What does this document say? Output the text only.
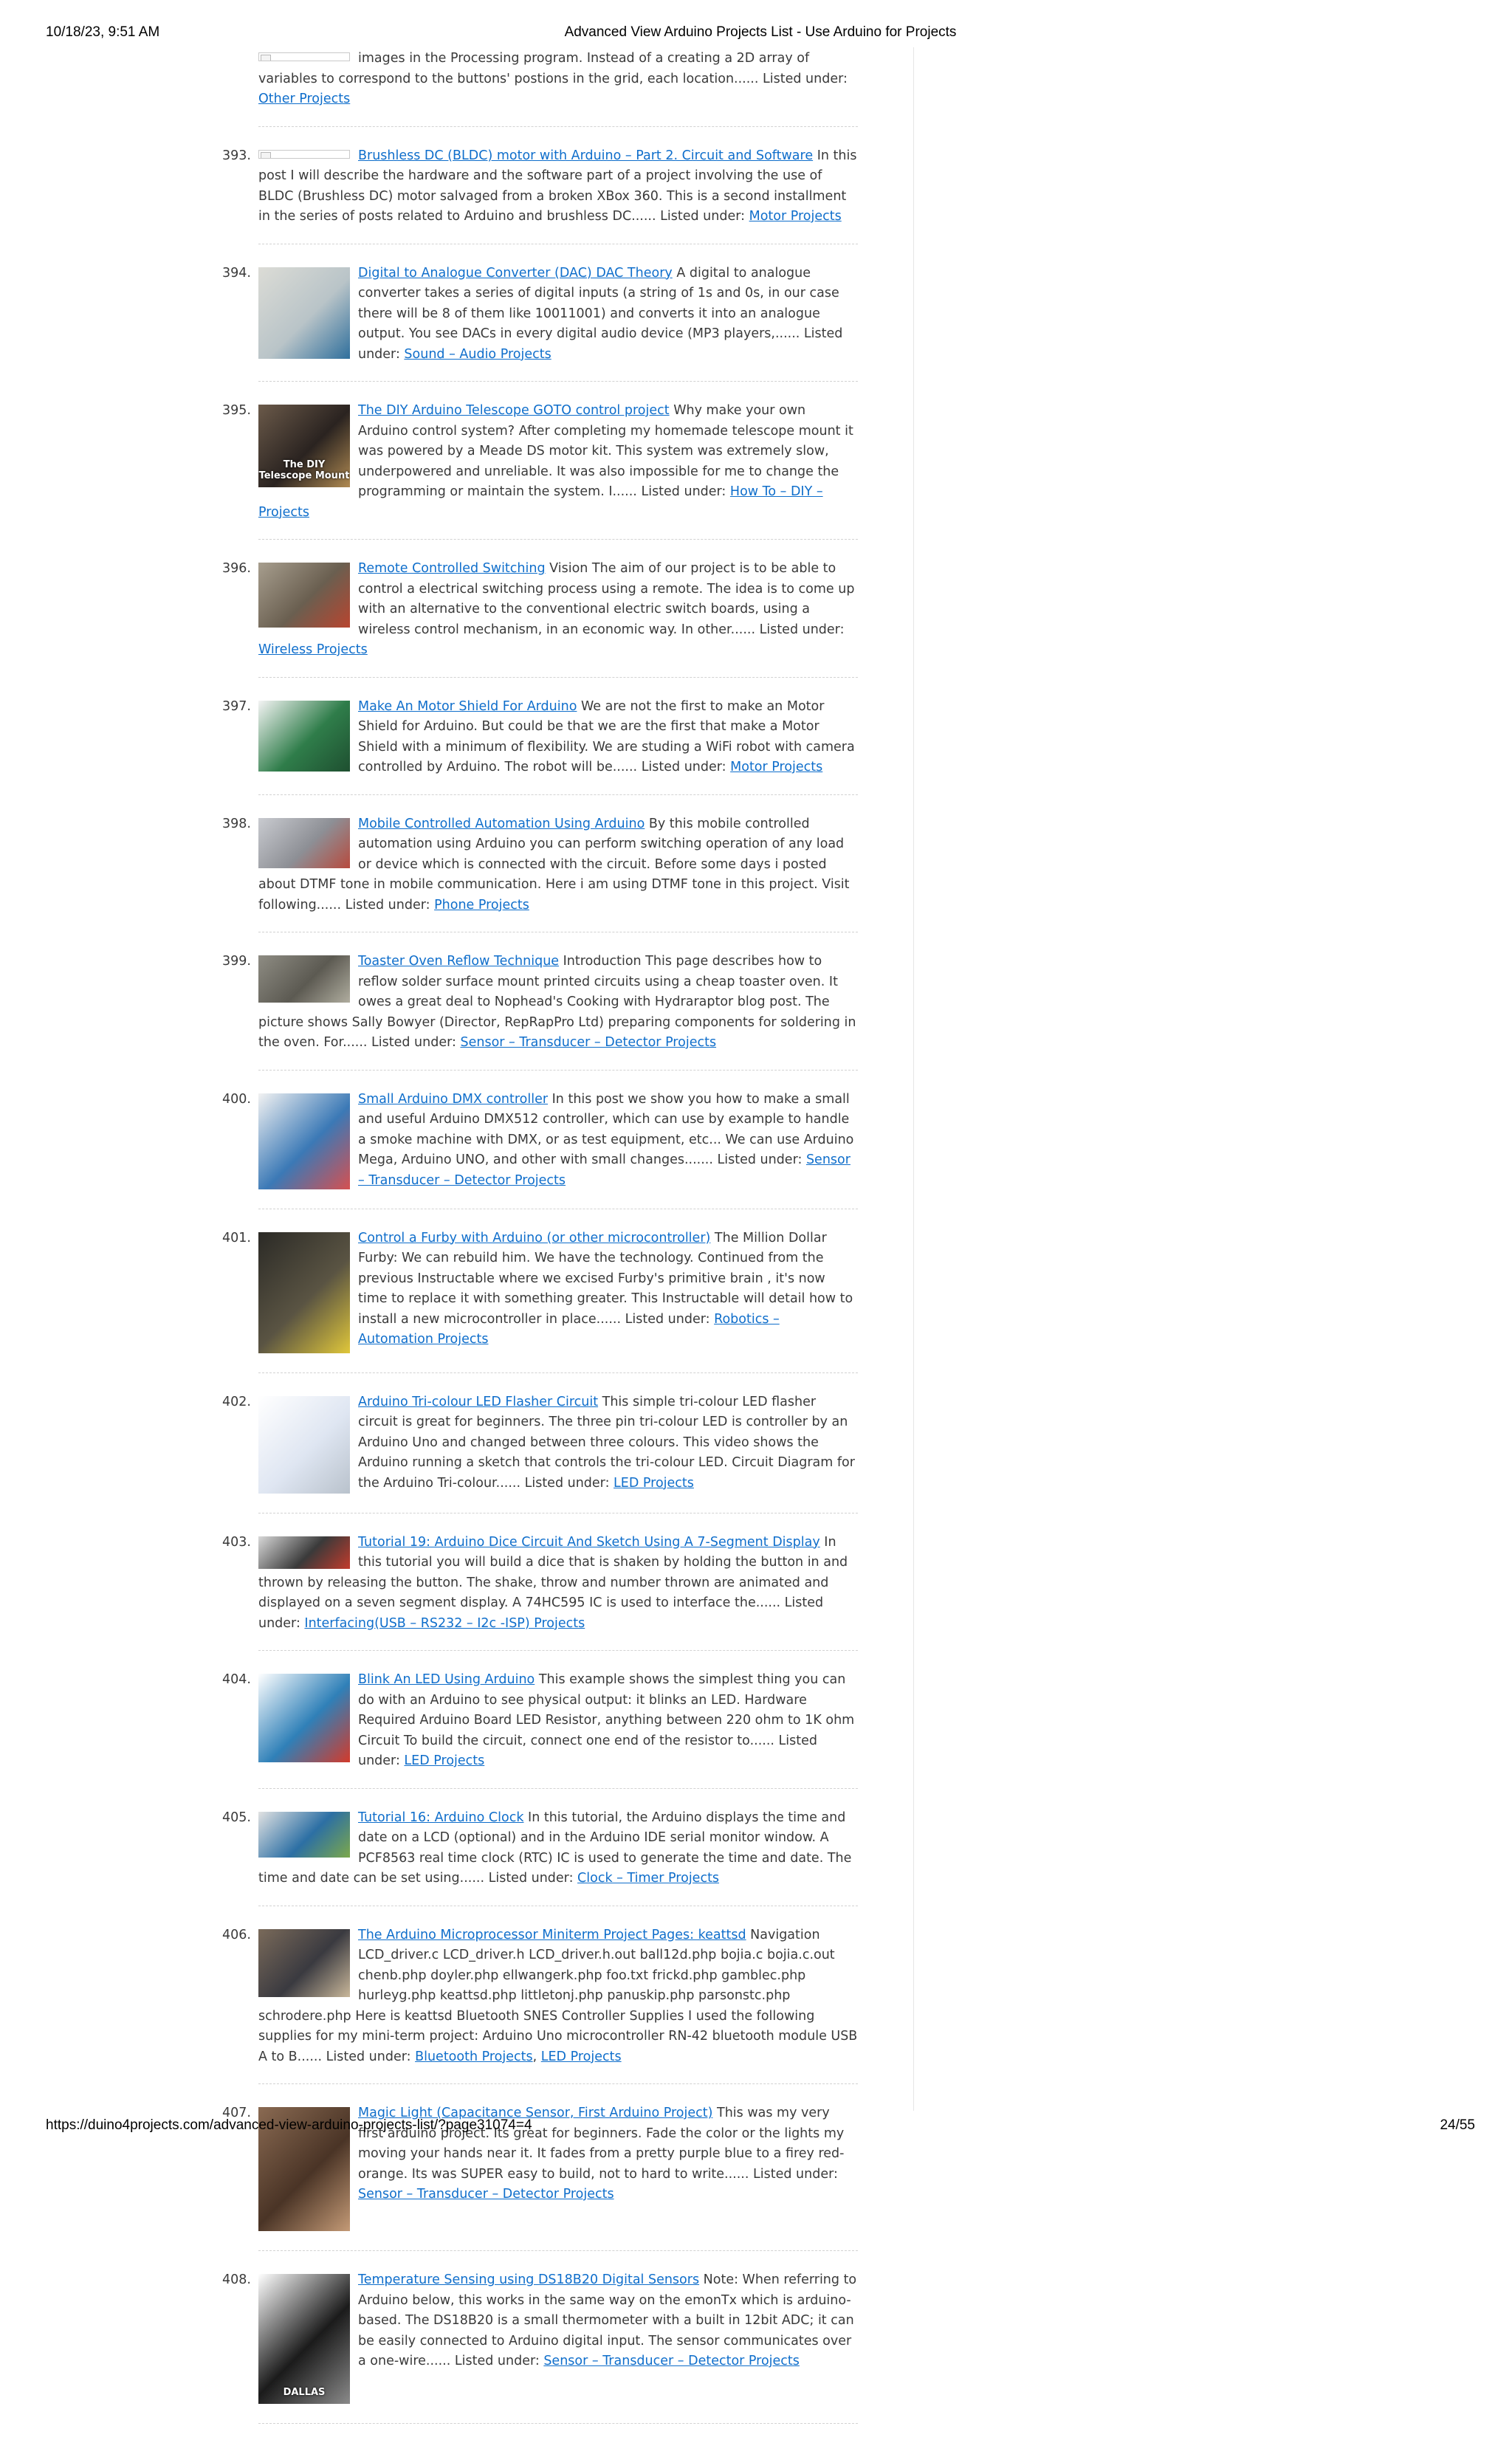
10/18/23, 9:51 AM	Advanced View Arduino Projects List - Use Arduino for Projects
images in the Processing program. Instead of a creating a 2D array of variables to correspond to the buttons' postions in the grid, each location...... Listed under: Other Projects
393.	Brushless DC (BLDC) motor with Arduino – Part 2. Circuit and Software In this post I will describe the hardware and the software part of a project involving the use of BLDC (Brushless DC) motor salvaged from a broken XBox 360. This is a second installment in the series of posts related to Arduino and brushless DC...... Listed under: Motor Projects
394.	Digital to Analogue Converter (DAC) DAC Theory A digital to analogue converter takes a series of digital inputs (a string of 1s and 0s, in our case there will be 8 of them like 10011001) and converts it into an analogue output. You see DACs in every digital audio device (MP3 players,...... Listed under: Sound – Audio Projects
395.
The DIY
Telescope Mount
The DIY Arduino Telescope GOTO control project Why make your own Arduino control system? After completing my homemade telescope mount it was powered by a Meade DS motor kit. This system was extremely slow, underpowered and unreliable. It was also impossible for me to change the programming or maintain the system. I...... Listed under: How To – DIY – Projects
396.	Remote Controlled Switching Vision The aim of our project is to be able to control a electrical switching process using a remote. The idea is to come up with an alternative to the conventional electric switch boards, using a wireless control mechanism, in an economic way. In other...... Listed under: Wireless Projects
397.	Make An Motor Shield For Arduino We are not the first to make an Motor Shield for Arduino. But could be that we are the first that make a Motor Shield with a minimum of flexibility. We are studing a WiFi robot with camera controlled by Arduino. The robot will be...... Listed under: Motor Projects
398.	Mobile Controlled Automation Using Arduino By this mobile controlled automation using Arduino you can perform switching operation of any load or device which is connected with the circuit. Before some days i posted about DTMF tone in mobile communication. Here i am using DTMF tone in this project. Visit following...... Listed under: Phone Projects
399.	Toaster Oven Reflow Technique Introduction This page describes how to reflow solder surface mount printed circuits using a cheap toaster oven. It owes a great deal to Nophead's Cooking with Hydraraptor blog post. The picture shows Sally Bowyer (Director, RepRapPro Ltd) preparing components for soldering in the oven. For...... Listed under: Sensor – Transducer – Detector Projects
400.	Small Arduino DMX controller In this post we show you how to make a small and useful Arduino DMX512 controller, which can use by example to handle a smoke machine with DMX, or as test equipment, etc... We can use Arduino Mega, Arduino UNO, and other with small changes....... Listed under: Sensor – Transducer – Detector Projects
401.	Control a Furby with Arduino (or other microcontroller) The Million Dollar Furby: We can rebuild him. We have the technology. Continued from the previous Instructable where we excised Furby's primitive brain , it's now time to replace it with something greater. This Instructable will detail how to install a new microcontroller in place...... Listed under: Robotics – Automation Projects
402.	Arduino Tri-colour LED Flasher Circuit This simple tri-colour LED flasher circuit is great for beginners. The three pin tri-colour LED is controller by an Arduino Uno and changed between three colours. This video shows the Arduino running a sketch that controls the tri-colour LED. Circuit Diagram for the Arduino Tri-colour...... Listed under: LED Projects
403.	Tutorial 19: Arduino Dice Circuit And Sketch Using A 7-Segment Display In this tutorial you will build a dice that is shaken by holding the button in and thrown by releasing the button. The shake, throw and number thrown are animated and displayed on a seven segment display. A 74HC595 IC is used to interface the...... Listed under: Interfacing(USB – RS232 – I2c -ISP) Projects
404.	Blink An LED Using Arduino This example shows the simplest thing you can do with an Arduino to see physical output: it blinks an LED. Hardware Required Arduino Board LED Resistor, anything between 220 ohm to 1K ohm Circuit To build the circuit, connect one end of the resistor to...... Listed under: LED Projects
405.	Tutorial 16: Arduino Clock In this tutorial, the Arduino displays the time and date on a LCD (optional) and in the Arduino IDE serial monitor window. A PCF8563 real time clock (RTC) IC is used to generate the time and date. The time and date can be set using...... Listed under: Clock – Timer Projects
406.	The Arduino Microprocessor Miniterm Project Pages: keattsd Navigation LCD_driver.c LCD_driver.h LCD_driver.h.out ball12d.php bojia.c bojia.c.out chenb.php doyler.php ellwangerk.php foo.txt frickd.php gamblec.php hurleyg.php keattsd.php littletonj.php panuskip.php parsonstc.php schrodere.php Here is keattsd Bluetooth SNES Controller Supplies I used the following supplies for my mini-term project: Arduino Uno microcontroller RN-42 bluetooth module USB A to B...... Listed under: Bluetooth Projects, LED Projects
407.	Magic Light (Capacitance Sensor, First Arduino Project) This was my very first arduino project. Its great for beginners. Fade the color or the lights my moving your hands near it. It fades from a pretty purple blue to a firey red-orange. Its was SUPER easy to build, not to hard to write...... Listed under: Sensor – Transducer – Detector Projects
408.
DALLAS
Temperature Sensing using DS18B20 Digital Sensors Note: When referring to Arduino below, this works in the same way on the emonTx which is arduino-based. The DS18B20 is a small thermometer with a built in 12bit ADC; it can be easily connected to Arduino digital input. The sensor communicates over a one-wire...... Listed under: Sensor – Transducer – Detector Projects
https://duino4projects.com/advanced-view-arduino-projects-list/?page31074=4	24/55
